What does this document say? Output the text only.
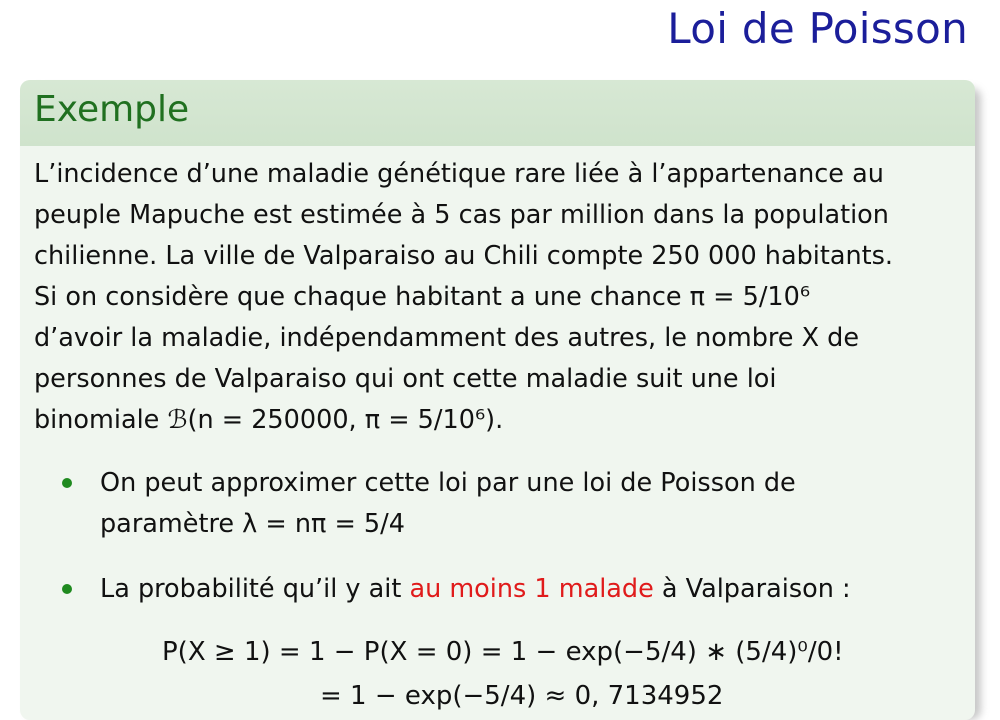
Loi de Poisson
Exemple

L’incidence d’une maladie génétique rare liée à l’appartenance au

peuple Mapuche est estimée à 5 cas par million dans la population

chilienne. La ville de Valparaiso au Chili compte 250 000 habitants.

Si on considère que chaque habitant a une chance π = 5/10⁶

d’avoir la maladie, indépendamment des autres, le nombre X de

personnes de Valparaiso qui ont cette maladie suit une loi

binomiale ℬ(n = 250000, π = 5/10⁶).

On peut approximer cette loi par une loi de Poisson de
paramètre λ = nπ = 5/4
La probabilité qu’il y ait au moins 1 malade à Valparaison :
P(X ≥ 1) = 1 − P(X = 0) = 1 − exp(−5/4) ∗ (5/4)⁰/0!
= 1 − exp(−5/4) ≈ 0, 7134952
